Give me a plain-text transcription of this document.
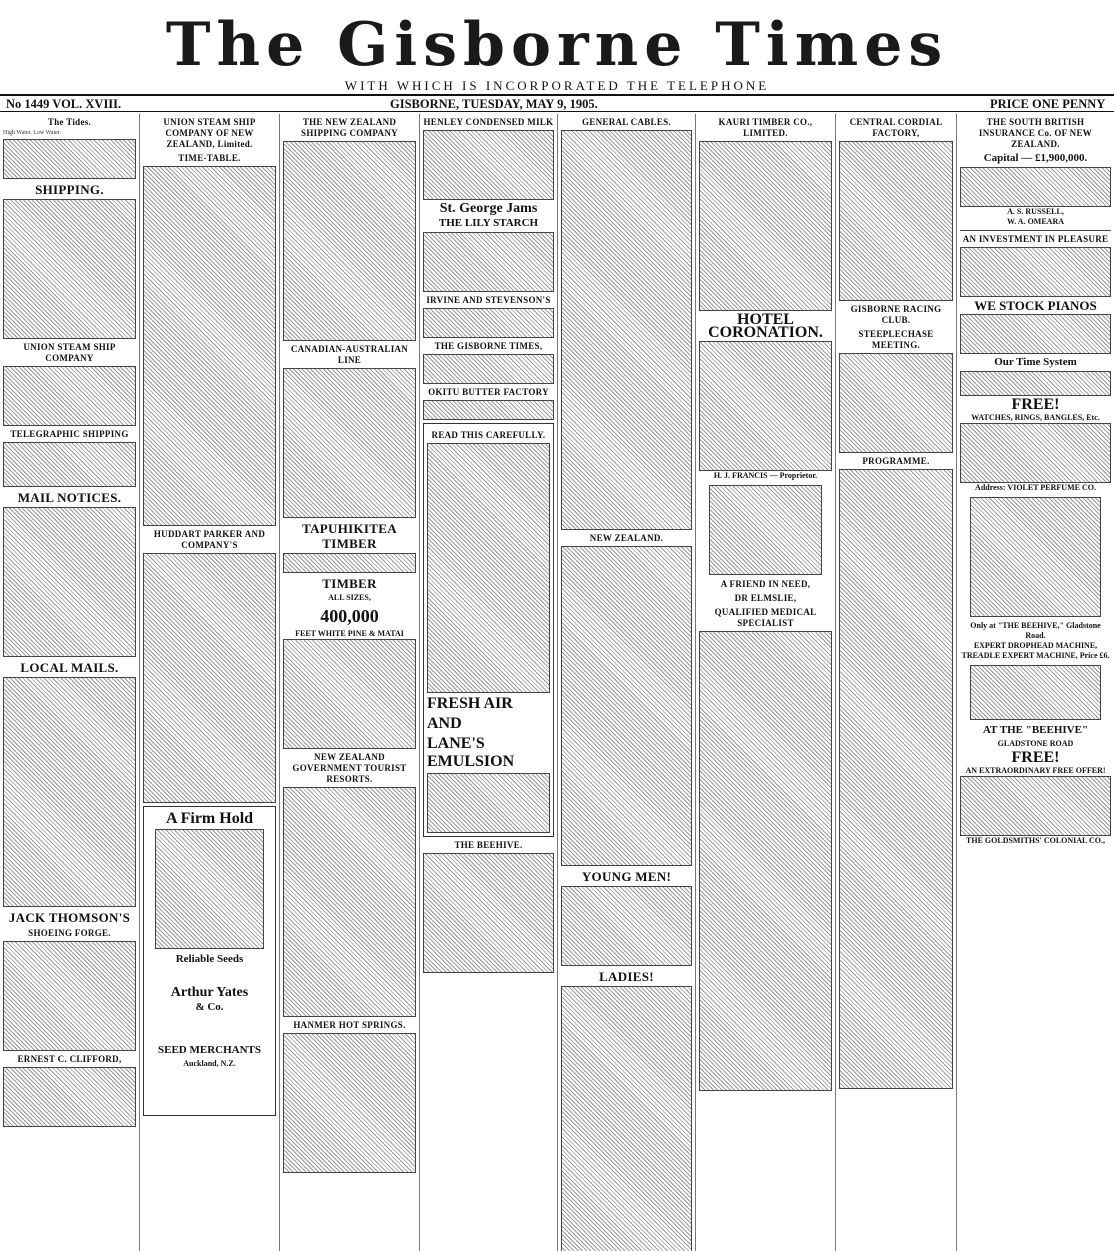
The Gisborne Times
WITH WHICH IS INCORPORATED THE TELEPHONE
No 1449 VOL. XVIII.	GISBORNE, TUESDAY, MAY 9, 1905.	PRICE ONE PENNY
The Tides.
High Water. Low Water.
SHIPPING.
UNION STEAM SHIP COMPANY
TELEGRAPHIC SHIPPING
MAIL NOTICES.
LOCAL MAILS.
JACK THOMSON'S
SHOEING FORGE.
ERNEST C. CLIFFORD,
UNION STEAM SHIP COMPANY OF NEW ZEALAND, Limited.
TIME-TABLE.
HUDDART PARKER AND COMPANY'S
A Firm Hold
Reliable Seeds
Arthur Yates
& Co.
SEED MERCHANTS
Auckland, N.Z.
THE NEW ZEALAND SHIPPING COMPANY
CANADIAN-AUSTRALIAN LINE
TAPUHIKITEA TIMBER
TIMBER
ALL SIZES,
400,000
FEET WHITE PINE & MATAI
NEW ZEALAND GOVERNMENT TOURIST RESORTS.
HANMER HOT SPRINGS.
HENLEY CONDENSED MILK
St. George Jams
THE LILY STARCH
IRVINE AND STEVENSON'S
THE GISBORNE TIMES,
OKITU BUTTER FACTORY
READ THIS CAREFULLY.
FRESH AIR
AND
LANE'S EMULSION
THE BEEHIVE.
GENERAL CABLES.
NEW ZEALAND.
YOUNG MEN!
LADIES!
KAURI TIMBER CO., LIMITED.
HOTEL CORONATION.
H. J. FRANCIS — Proprietor.
A FRIEND IN NEED,
DR ELMSLIE,
QUALIFIED MEDICAL SPECIALIST
CENTRAL CORDIAL FACTORY,
GISBORNE RACING CLUB.
STEEPLECHASE MEETING.
PROGRAMME.
THE SOUTH BRITISH INSURANCE Co. OF NEW ZEALAND.
Capital — £1,900,000.
A. S. RUSSELL,
W. A. OMEARA
AN INVESTMENT IN PLEASURE
WE STOCK PIANOS
Our Time System
FREE!
WATCHES, RINGS, BANGLES, Etc.
Address: VIOLET PERFUME CO.
Only at "THE BEEHIVE," Gladstone Road.
EXPERT DROPHEAD MACHINE,
TREADLE EXPERT MACHINE, Price £6.
AT THE "BEEHIVE"
GLADSTONE ROAD
FREE!
AN EXTRAORDINARY FREE OFFER!
THE GOLDSMITHS' COLONIAL CO.,
